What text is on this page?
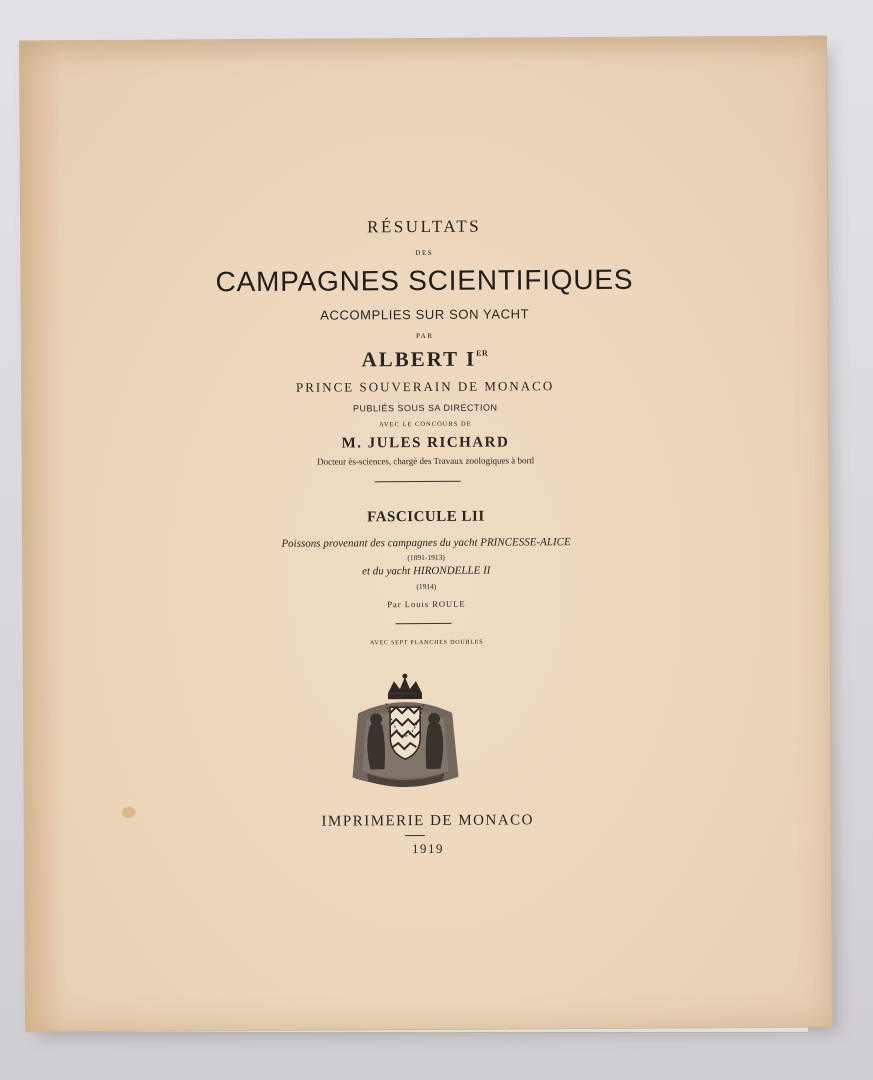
RÉSULTATS
DES
CAMPAGNES SCIENTIFIQUES
ACCOMPLIES SUR SON YACHT
PAR
ALBERT IER
PRINCE SOUVERAIN DE MONACO
PUBLIÉS SOUS SA DIRECTION
AVEC LE CONCOURS DE
M. JULES RICHARD
Docteur ès-sciences, chargé des Travaux zoologiques à bord
FASCICULE LII
Poissons provenant des campagnes du yacht PRINCESSE-ALICE
(1891-1913)
et du yacht HIRONDELLE II
(1914)
Par Louis ROULE
AVEC SEPT PLANCHES DOUBLES
IMPRIMERIE DE MONACO
1919
